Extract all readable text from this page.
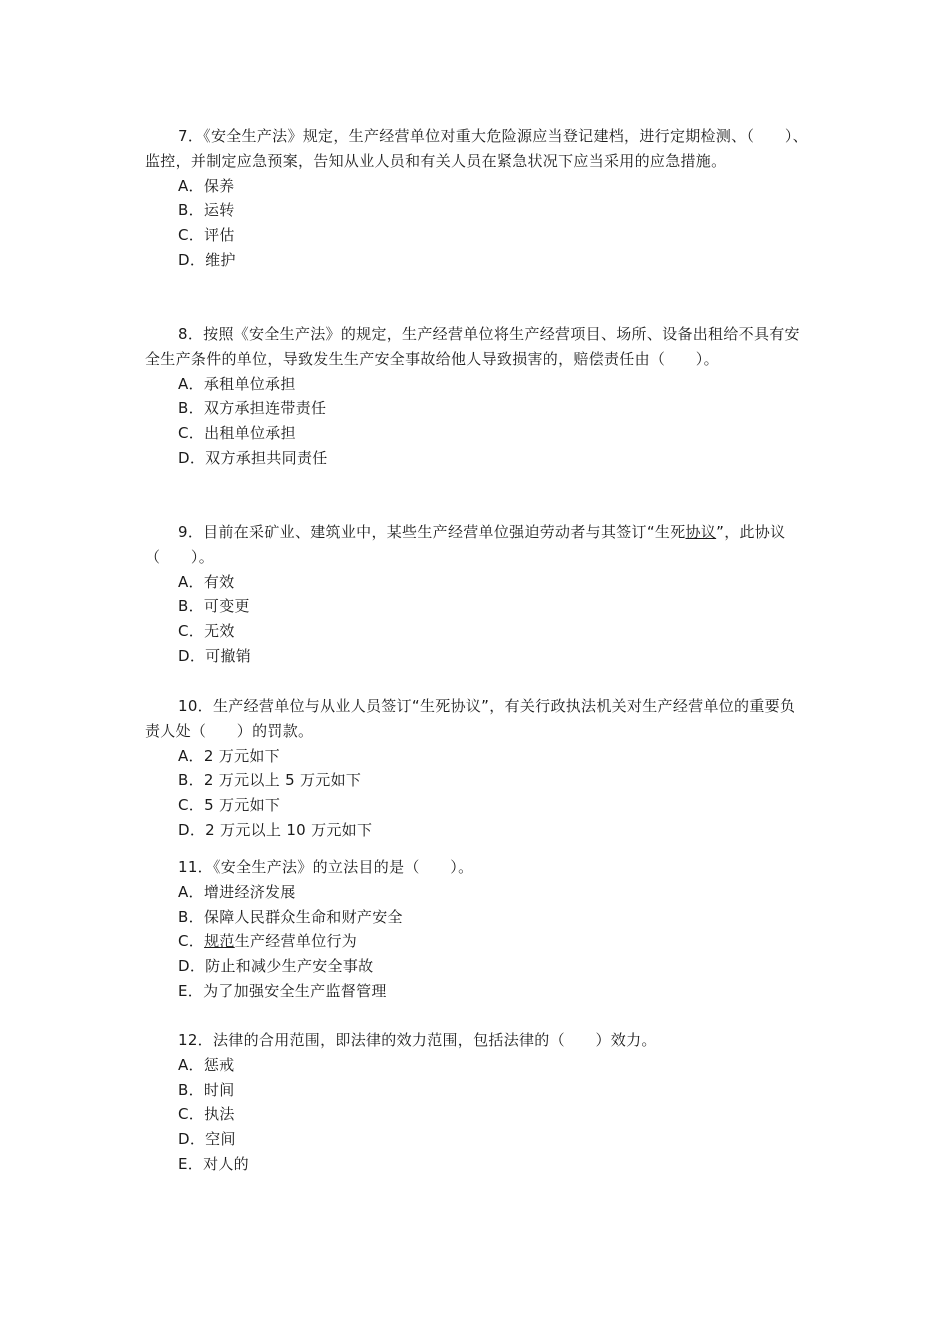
7．《安全生产法》规定，生产经营单位对重大危险源应当登记建档，进行定期检测、（　　）、监控，并制定应急预案，告知从业人员和有关人员在紧急状况下应当采用的应急措施。

A．保养
B．运转
C．评估
D．维护

8．按照《安全生产法》的规定，生产经营单位将生产经营项目、场所、设备出租给不具有安全生产条件的单位，导致发生生产安全事故给他人导致损害的，赔偿责任由（　　）。

A．承租单位承担
B．双方承担连带责任
C．出租单位承担
D．双方承担共同责任

9．目前在采矿业、建筑业中，某些生产经营单位强迫劳动者与其签订“生死协议”，此协议（　　）。

A．有效
B．可变更
C．无效
D．可撤销

10．生产经营单位与从业人员签订“生死协议”，有关行政执法机关对生产经营单位的重要负责人处（　　）的罚款。

A．2 万元如下
B．2 万元以上 5 万元如下
C．5 万元如下
D．2 万元以上 10 万元如下

11．《安全生产法》的立法目的是（　　）。

A．增进经济发展
B．保障人民群众生命和财产安全
C．规范生产经营单位行为
D．防止和减少生产安全事故
E．为了加强安全生产监督管理

12．法律的合用范围，即法律的效力范围，包括法律的（　　）效力。

A．惩戒
B．时间
C．执法
D．空间
E．对人的
